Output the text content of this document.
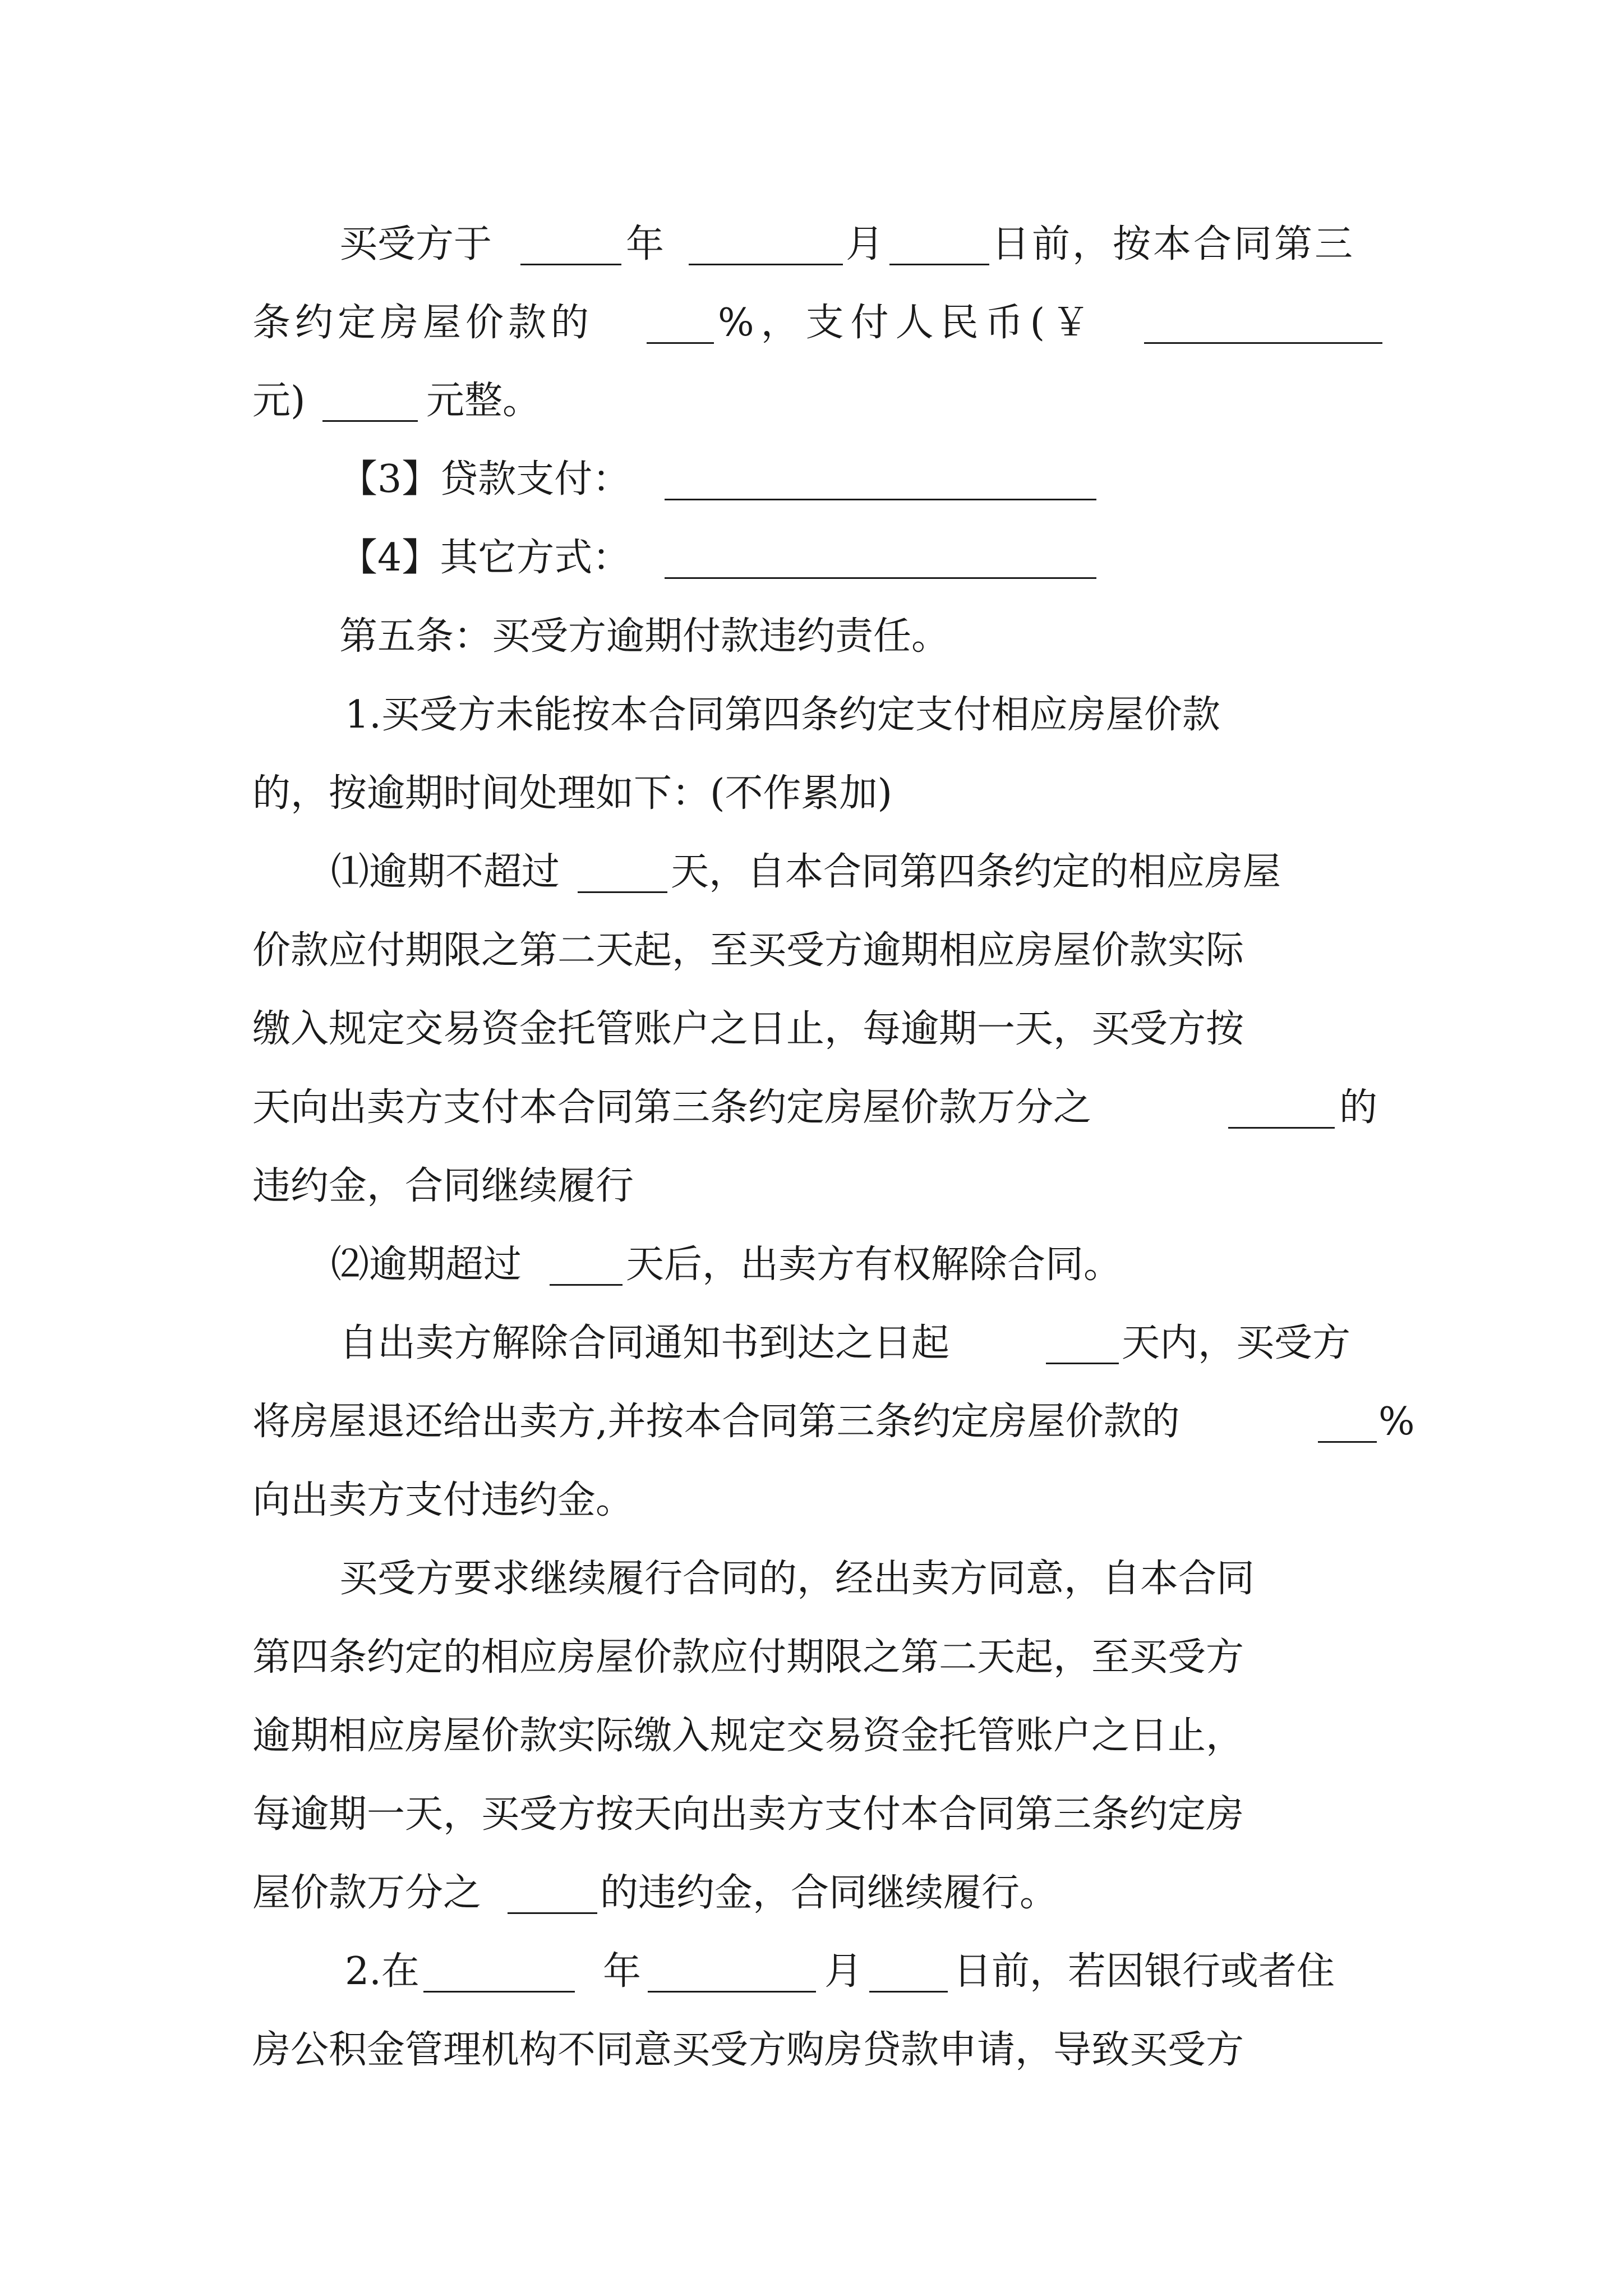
买受方于	年	月	日前，按本合同第三
条约定房屋价款的	%，支付人民币(￥
元)	元整。
【3】贷款支付：
【4】其它方式：
第五条：买受方逾期付款违约责任。
1.买受方未能按本合同第四条约定支付相应房屋价款
的，按逾期时间处理如下：(不作累加)
⑴逾期不超过	天，自本合同第四条约定的相应房屋
价款应付期限之第二天起，至买受方逾期相应房屋价款实际
缴入规定交易资金托管账户之日止，每逾期一天，买受方按
天向出卖方支付本合同第三条约定房屋价款万分之	的
违约金，合同继续履行
⑵逾期超过	天后，出卖方有权解除合同。
自出卖方解除合同通知书到达之日起	天内，买受方
将房屋退还给出卖方,并按本合同第三条约定房屋价款的	%
向出卖方支付违约金。
买受方要求继续履行合同的，经出卖方同意，自本合同
第四条约定的相应房屋价款应付期限之第二天起，至买受方
逾期相应房屋价款实际缴入规定交易资金托管账户之日止，
每逾期一天，买受方按天向出卖方支付本合同第三条约定房
屋价款万分之	的违约金，合同继续履行。
2.在	年	月 日前，若因银行或者住
房公积金管理机构不同意买受方购房贷款申请，导致买受方
